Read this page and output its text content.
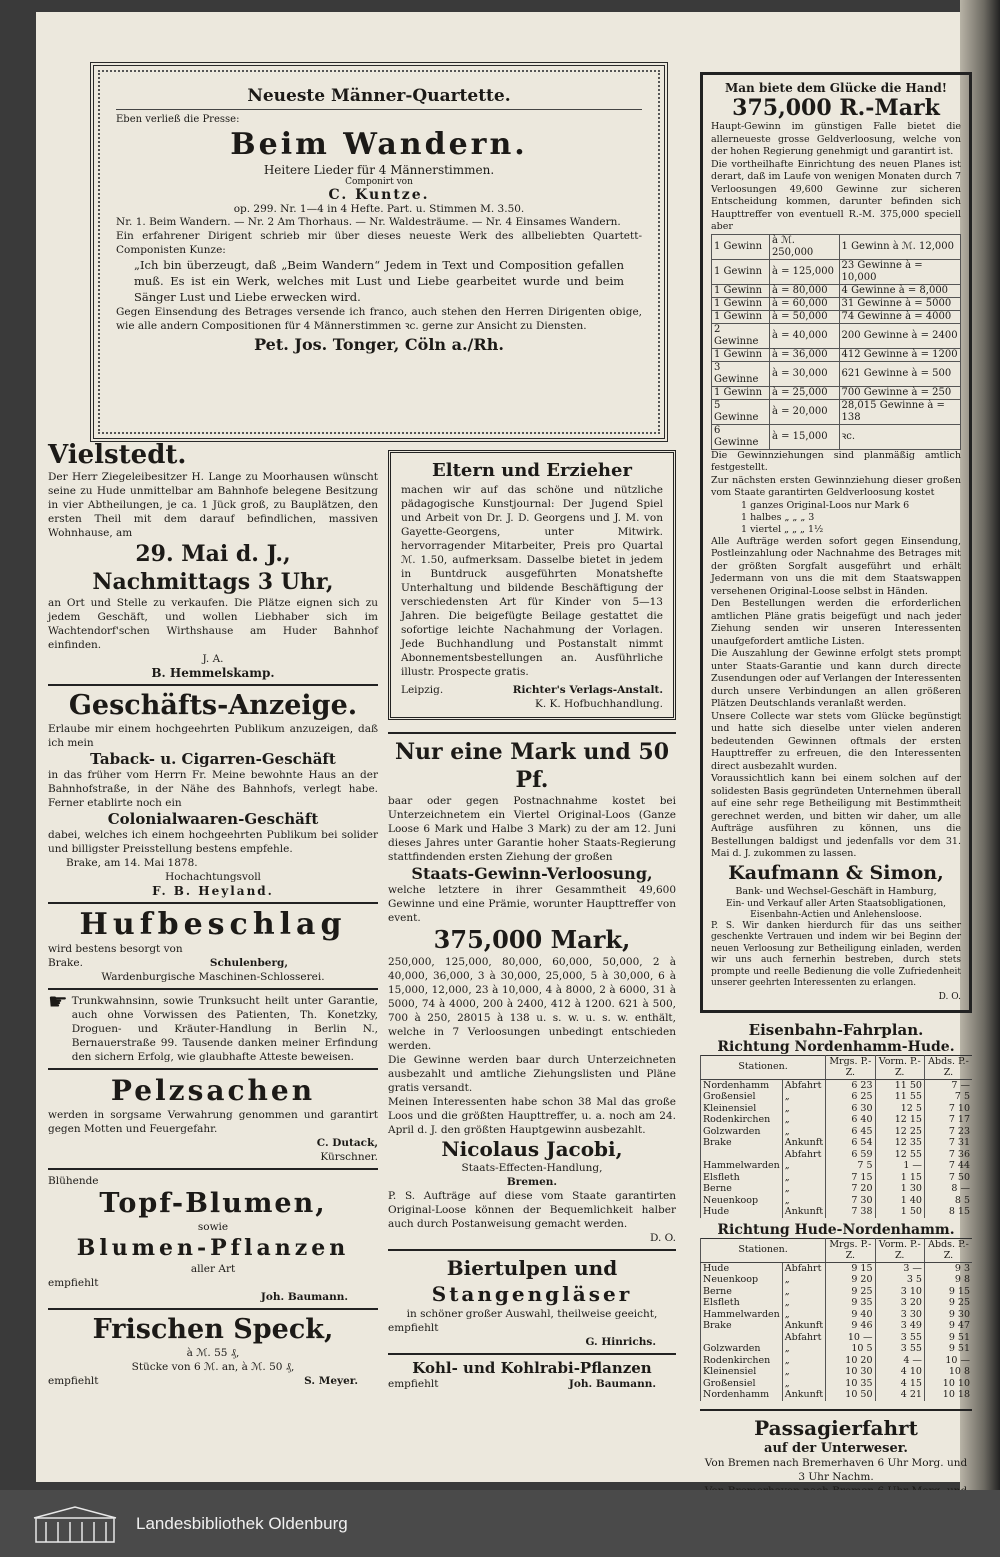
Neueste Männer-Quartette.
Eben verließ die Presse:
Beim Wandern.
Heitere Lieder für 4 Männerstimmen.
Componirt von
C. Kuntze.
op. 299. Nr. 1—4 in 4 Hefte. Part. u. Stimmen M. 3.50.

Nr. 1. Beim Wandern. — Nr. 2 Am Thorhaus. — Nr. Waldesträume. — Nr. 4 Einsames Wandern.

Ein erfahrener Dirigent schrieb mir über dieses neueste Werk des allbeliebten Quartett-Componisten Kunze:

„Ich bin überzeugt, daß „Beim Wandern“ Jedem in Text und Composition gefallen muß. Es ist ein Werk, welches mit Lust und Liebe gearbeitet wurde und beim Sänger Lust und Liebe erwecken wird.

Gegen Einsendung des Betrages versende ich franco, auch stehen den Herren Dirigenten obige, wie alle andern Compositionen für 4 Männerstimmen ꝛc. gerne zur Ansicht zu Diensten.

Pet. Jos. Tonger, Cöln a./Rh.
Vielstedt.

Der Herr Ziegeleibesitzer H. Lange zu Moorhausen wünscht seine zu Hude unmittelbar am Bahnhofe belegene Besitzung in vier Abtheilungen, je ca. 1 Jück groß, zu Bauplätzen, den ersten Theil mit dem darauf befindlichen, massiven Wohnhause, am

29. Mai d. J.,
Nachmittags 3 Uhr,

an Ort und Stelle zu verkaufen. Die Plätze eignen sich zu jedem Geschäft, und wollen Liebhaber sich im Wachtendorf'schen Wirthshause am Huder Bahnhof einfinden.

J. A.
B. Hemmelskamp.
Geschäfts-Anzeige.

Erlaube mir einem hochgeehrten Publikum anzuzeigen, daß ich mein

Taback- u. Cigarren-Geschäft

in das früher vom Herrn Fr. Meine bewohnte Haus an der Bahnhofstraße, in der Nähe des Bahnhofs, verlegt habe. Ferner etablirte noch ein

Colonialwaaren-Geschäft

dabei, welches ich einem hochgeehrten Publikum bei solider und billigster Preisstellung bestens empfehle.

Brake, am 14. Mai 1878.
Hochachtungsvoll
F. B. Heyland.
Hufbeschlag
wird bestens besorgt von
Brake.	Schulenberg,
Wardenburgische Maschinen-Schlosserei.
☛ Trunkwahnsinn, sowie Trunksucht heilt unter Garantie, auch ohne Vorwissen des Patienten, Th. Konetzky, Droguen- und Kräuter-Handlung in Berlin N., Bernauerstraße 99. Tausende danken meiner Erfindung den sichern Erfolg, wie glaubhafte Atteste beweisen.

Pelzsachen

werden in sorgsame Verwahrung genommen und garantirt gegen Motten und Feuergefahr.

C. Dutack,
Kürschner.
Blühende
Topf-Blumen,
sowie
Blumen-Pflanzen
aller Art
empfiehlt
Joh. Baumann.
Frischen Speck,
à ℳ. 55 ₰,
Stücke von 6 ℳ. an, à ℳ. 50 ₰,
empfiehlt	S. Meyer.
Eltern und Erzieher

machen wir auf das schöne und nützliche pädagogische Kunstjournal: Der Jugend Spiel und Arbeit von Dr. J. D. Georgens und J. M. von Gayette-Georgens, unter Mitwirk. hervorragender Mitarbeiter, Preis pro Quartal ℳ. 1.50, aufmerksam. Dasselbe bietet in jedem in Buntdruck ausgeführten Monatshefte Unterhaltung und bildende Beschäftigung der verschiedensten Art für Kinder von 5—13 Jahren. Die beigefügte Beilage gestattet die sofortige leichte Nachahmung der Vorlagen. Jede Buchhandlung und Postanstalt nimmt Abonnementsbestellungen an. Ausführliche illustr. Prospecte gratis.

Leipzig.	Richter's Verlags-Anstalt.
K. K. Hofbuchhandlung.
Nur eine Mark und 50 Pf.

baar oder gegen Postnachnahme kostet bei Unterzeichnetem ein Viertel Original-Loos (Ganze Loose 6 Mark und Halbe 3 Mark) zu der am 12. Juni dieses Jahres unter Garantie hoher Staats-Regierung stattfindenden ersten Ziehung der großen

Staats-Gewinn-Verloosung,

welche letztere in ihrer Gesammtheit 49,600 Gewinne und eine Prämie, worunter Haupttreffer von event.

375,000 Mark,

250,000, 125,000, 80,000, 60,000, 50,000, 2 à 40,000, 36,000, 3 à 30,000, 25,000, 5 à 30,000, 6 à 15,000, 12,000, 23 à 10,000, 4 à 8000, 2 à 6000, 31 à 5000, 74 à 4000, 200 à 2400, 412 à 1200. 621 à 500, 700 à 250, 28015 à 138 u. s. w. u. s. w. enthält, welche in 7 Verloosungen unbedingt entschieden werden.

Die Gewinne werden baar durch Unterzeichneten ausbezahlt und amtliche Ziehungslisten und Pläne gratis versandt.

Meinen Interessenten habe schon 38 Mal das große Loos und die größten Haupttreffer, u. a. noch am 24. April d. J. den größten Hauptgewinn ausbezahlt.

Nicolaus Jacobi,
Staats-Effecten-Handlung,
Bremen.

P. S. Aufträge auf diese vom Staate garantirten Original-Loose können der Bequemlichkeit halber auch durch Postanweisung gemacht werden.

D. O.
Biertulpen und
Stangengläser
in schöner großer Auswahl, theilweise geeicht,
empfiehlt
G. Hinrichs.
Kohl- und Kohlrabi-Pflanzen
empfiehlt	Joh. Baumann.
Man biete dem Glücke die Hand!
375,000 R.-Mark

Haupt-Gewinn im günstigen Falle bietet die allerneueste grosse Geldverloosung, welche von der hohen Regierung genehmigt und garantirt ist.

Die vortheilhafte Einrichtung des neuen Planes ist derart, daß im Laufe von wenigen Monaten durch 7 Verloosungen 49,600 Gewinne zur sicheren Entscheidung kommen, darunter befinden sich Haupttreffer von eventuell R.-M. 375,000 speciell aber

1 Gewinn	à ℳ. 250,000	1 Gewinn à ℳ. 12,000
1 Gewinn	à = 125,000	23 Gewinne à = 10,000
1 Gewinn	à = 80,000	4 Gewinne à = 8,000
1 Gewinn	à = 60,000	31 Gewinne à = 5000
1 Gewinn	à = 50,000	74 Gewinne à = 4000
2 Gewinne	à = 40,000	200 Gewinne à = 2400
1 Gewinn	à = 36,000	412 Gewinne à = 1200
3 Gewinne	à = 30,000	621 Gewinne à = 500
1 Gewinn	à = 25,000	700 Gewinne à = 250
5 Gewinne	à = 20,000	28,015 Gewinne à = 138
6 Gewinne	à = 15,000	ꝛc.

Die Gewinnziehungen sind planmäßig amtlich festgestellt.

Zur nächsten ersten Gewinnziehung dieser großen vom Staate garantirten Geldverloosung kostet

1 ganzes Original-Loos nur Mark 6
1 halbes „ „ „ 3
1 viertel „ „ „ 1½

Alle Aufträge werden sofort gegen Einsendung, Postleinzahlung oder Nachnahme des Betrages mit der größten Sorgfalt ausgeführt und erhält Jedermann von uns die mit dem Staatswappen versehenen Original-Loose selbst in Händen.

Den Bestellungen werden die erforderlichen amtlichen Pläne gratis beigefügt und nach jeder Ziehung senden wir unseren Interessenten unaufgefordert amtliche Listen.

Die Auszahlung der Gewinne erfolgt stets prompt unter Staats-Garantie und kann durch directe Zusendungen oder auf Verlangen der Interessenten durch unsere Verbindungen an allen größeren Plätzen Deutschlands veranlaßt werden.

Unsere Collecte war stets vom Glücke begünstigt und hatte sich dieselbe unter vielen anderen bedeutenden Gewinnen oftmals der ersten Haupttreffer zu erfreuen, die den Interessenten direct ausbezahlt wurden.

Voraussichtlich kann bei einem solchen auf der solidesten Basis gegründeten Unternehmen überall auf eine sehr rege Betheiligung mit Bestimmtheit gerechnet werden, und bitten wir daher, um alle Aufträge ausführen zu können, uns die Bestellungen baldigst und jedenfalls vor dem 31. Mai d. J. zukommen zu lassen.

Kaufmann & Simon,
Bank- und Wechsel-Geschäft in Hamburg,
Ein- und Verkauf aller Arten Staatsobligationen, Eisenbahn-Actien und Anlehensloose.

P. S. Wir danken hierdurch für das uns seither geschenkte Vertrauen und indem wir bei Beginn der neuen Verloosung zur Betheiligung einladen, werden wir uns auch fernerhin bestreben, durch stets prompte und reelle Bedienung die volle Zufriedenheit unserer geehrten Interessenten zu erlangen.

D. O.
Eisenbahn-Fahrplan.
Richtung Nordenhamm-Hude.
Stationen.		Mrgs. P.-Z.	Vorm. P.-Z.	Abds. P.-Z.
Nordenhamm	Abfahrt	6 23	11 50	7 —
Großensiel	„	6 25	11 55	7 5
Kleinensiel	„	6 30	12 5	7 10
Rodenkirchen	„	6 40	12 15	7 17
Golzwarden	„	6 45	12 25	7 23
Brake	Ankunft	6 54	12 35	7 31
	Abfahrt	6 59	12 55	7 36
Hammelwarden	„	7 5	1 —	7 44
Elsfleth	„	7 15	1 15	7 50
Berne	„	7 20	1 30	8 —
Neuenkoop	„	7 30	1 40	8 5
Hude	Ankunft	7 38	1 50	8 15
Richtung Hude-Nordenhamm.
Stationen.		Mrgs. P.-Z.	Vorm. P.-Z.	Abds. P.-Z.
Hude	Abfahrt	9 15	3 —	9 3
Neuenkoop	„	9 20	3 5	9 8
Berne	„	9 25	3 10	9 15
Elsfleth	„	9 35	3 20	9 25
Hammelwarden	„	9 40	3 30	9 30
Brake	Ankunft	9 46	3 49	9 47
	Abfahrt	10 —	3 55	9 51
Golzwarden	„	10 5	3 55	9 51
Rodenkirchen	„	10 20	4 —	10 —
Kleinensiel	„	10 30	4 10	10 8
Großensiel	„	10 35	4 15	10 10
Nordenhamm	Ankunft	10 50	4 21	10 18
Passagierfahrt
auf der Unterweser.
Von Bremen nach Bremerhaven 6 Uhr Morg. und 3 Uhr Nachm.
Landesbibliothek Oldenburg
